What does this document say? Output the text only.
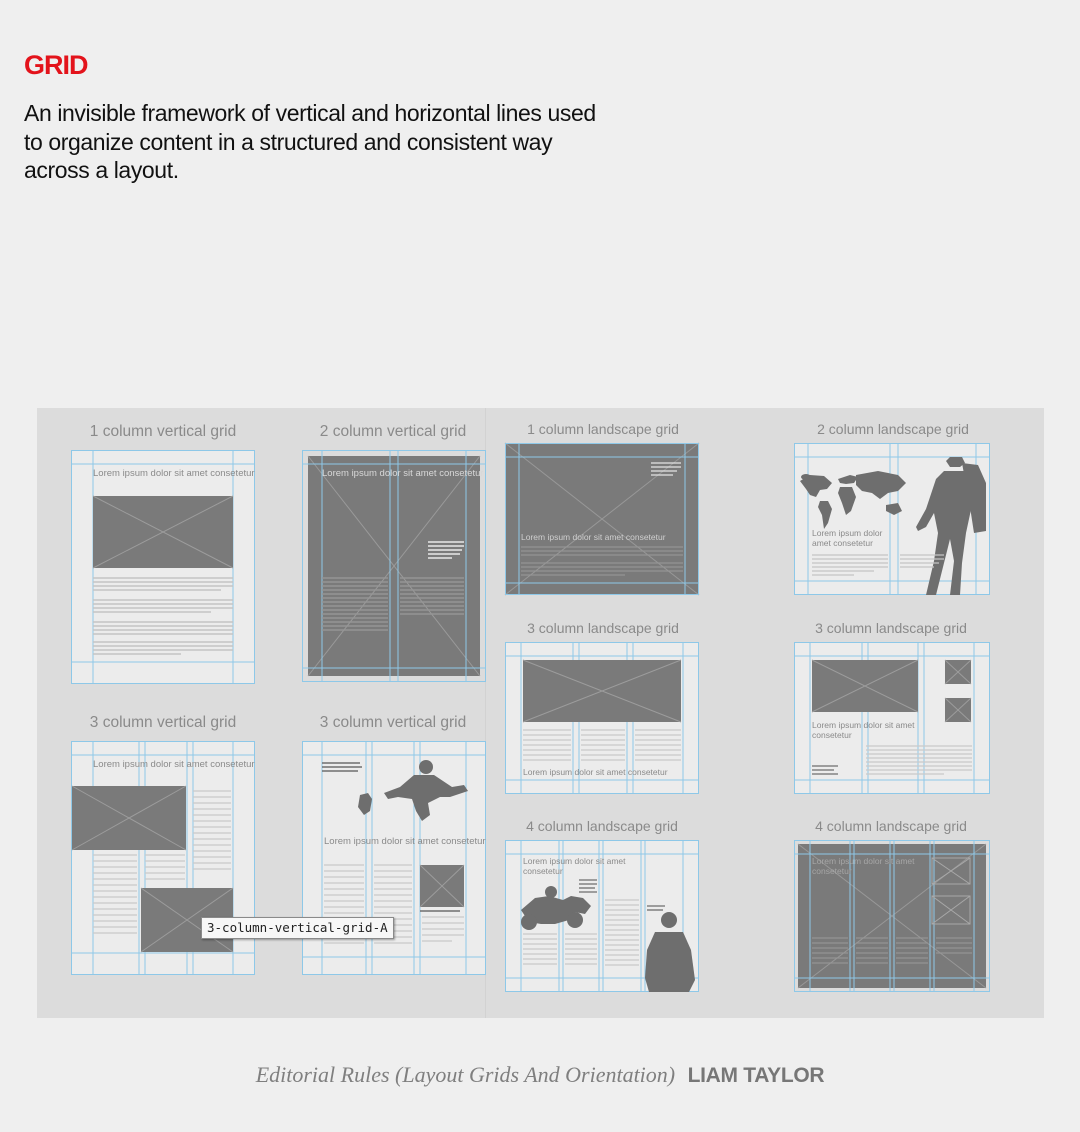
GRID
An invisible framework of vertical and horizontal lines used to organize content in a structured and consistent way across a layout.
1 column vertical grid	2 column vertical grid	1 column landscape grid	2 column landscape grid
3 column vertical grid	3 column vertical grid
3 column landscape grid	3 column landscape grid
4 column landscape grid	4 column landscape grid
Lorem ipsum dolor sit amet consetetur	Lorem ipsum dolor sit amet consetetur
Lorem ipsum dolor sit amet consetetur	Lorem ipsum dolor amet consetetur
Lorem ipsum dolor sit amet consetetur
Lorem ipsum dolor sit amet consetetur
Lorem ipsum dolor sit amet consetetur
Lorem ipsum dolor sit amet consetetur
Lorem ipsum dolor sit amet consetetur
Lorem ipsum dolor sit amet consetetur
3-column-vertical-grid-A
Editorial Rules (Layout Grids And Orientation) LIAM TAYLOR
